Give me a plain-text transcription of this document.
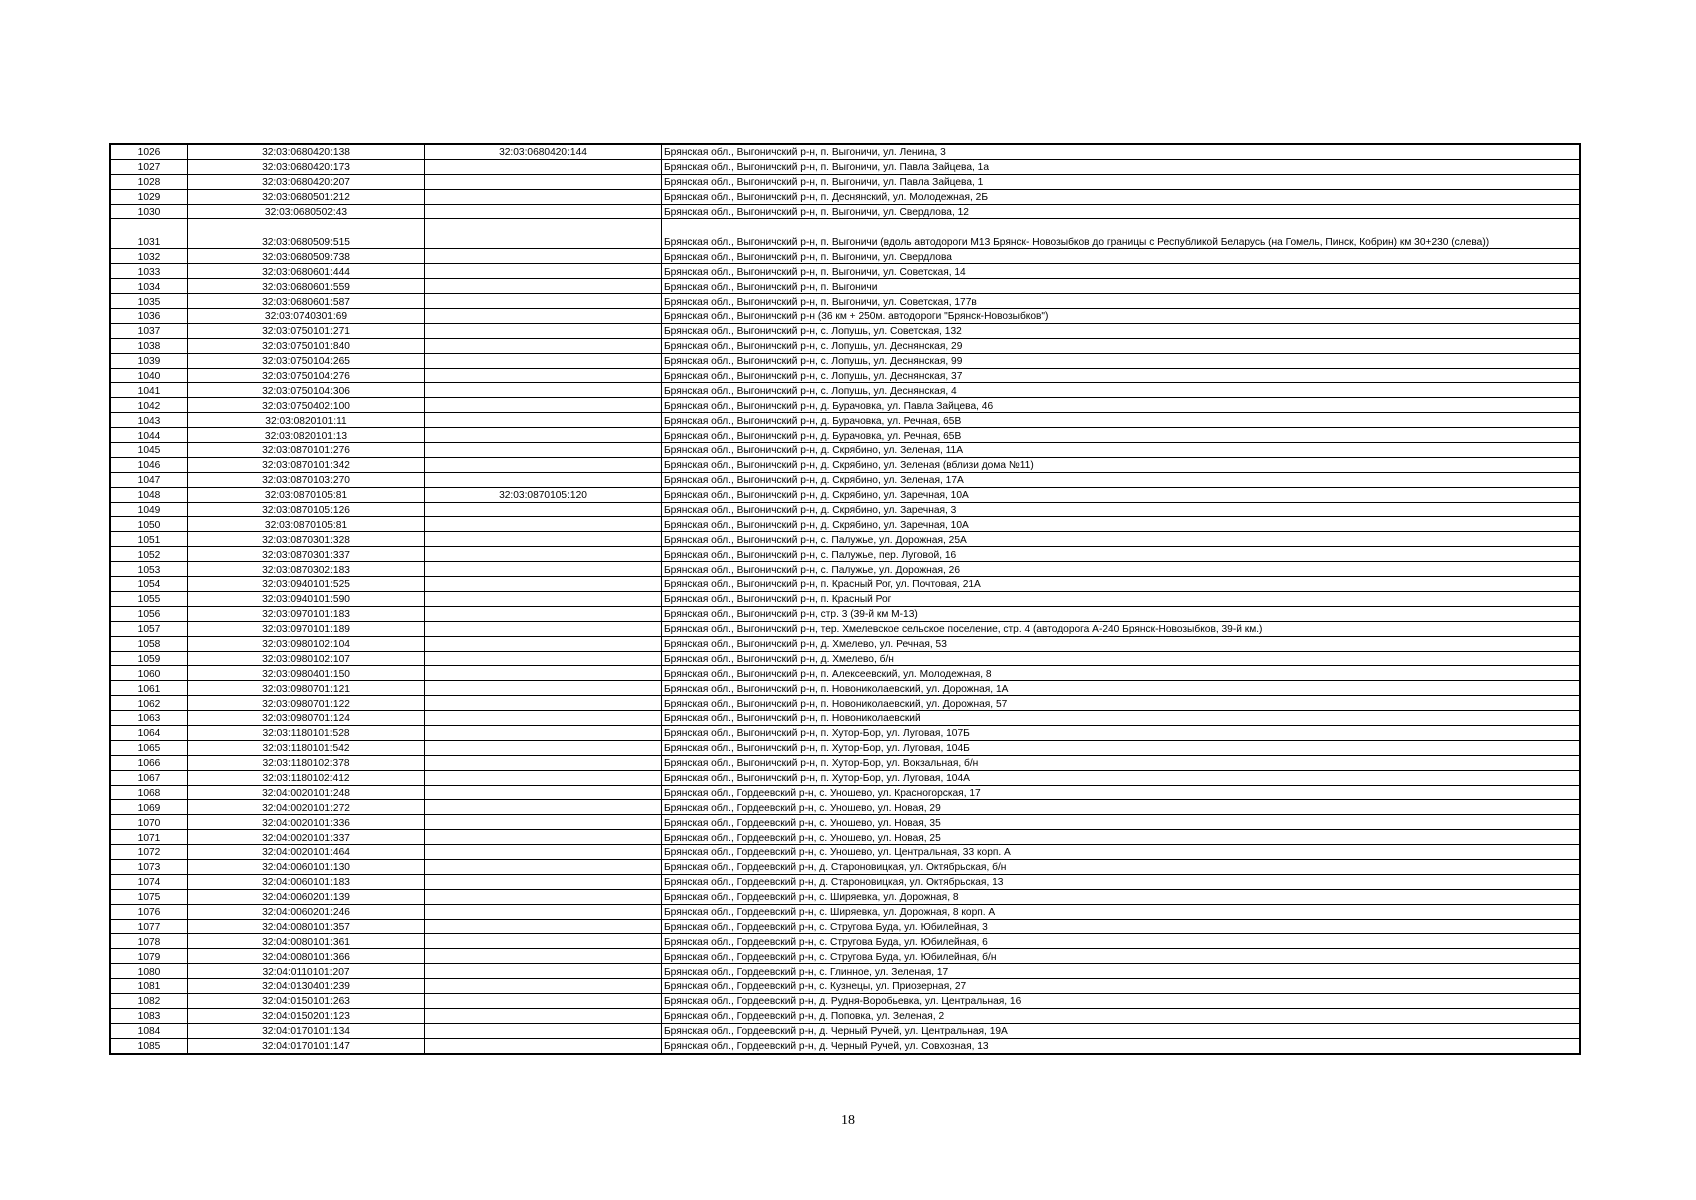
1026	32:03:0680420:138	32:03:0680420:144	Брянская обл., Выгоничский р-н, п. Выгоничи, ул. Ленина, 3
1027	32:03:0680420:173		Брянская обл., Выгоничский р-н, п. Выгоничи, ул. Павла Зайцева, 1а
1028	32:03:0680420:207		Брянская обл., Выгоничский р-н, п. Выгоничи, ул. Павла Зайцева, 1
1029	32:03:0680501:212		Брянская обл., Выгоничский р-н, п. Деснянский, ул. Молодежная, 2Б
1030	32:03:0680502:43		Брянская обл., Выгоничский р-н, п. Выгоничи, ул. Свердлова, 12
1031	32:03:0680509:515		Брянская обл., Выгоничский р-н, п. Выгоничи (вдоль автодороги М13 Брянск- Новозыбков до границы с Республикой Беларусь (на Гомель, Пинск, Кобрин) км 30+230 (слева))
1032	32:03:0680509:738		Брянская обл., Выгоничский р-н, п. Выгоничи, ул. Свердлова
1033	32:03:0680601:444		Брянская обл., Выгоничский р-н, п. Выгоничи, ул. Советская, 14
1034	32:03:0680601:559		Брянская обл., Выгоничский р-н, п. Выгоничи
1035	32:03:0680601:587		Брянская обл., Выгоничский р-н, п. Выгоничи, ул. Советская, 177в
1036	32:03:0740301:69		Брянская обл., Выгоничский р-н (36 км + 250м. автодороги "Брянск-Новозыбков")
1037	32:03:0750101:271		Брянская обл., Выгоничский р-н, с. Лопушь, ул. Советская, 132
1038	32:03:0750101:840		Брянская обл., Выгоничский р-н, с. Лопушь, ул. Деснянская, 29
1039	32:03:0750104:265		Брянская обл., Выгоничский р-н, с. Лопушь, ул. Деснянская, 99
1040	32:03:0750104:276		Брянская обл., Выгоничский р-н, с. Лопушь, ул. Деснянская, 37
1041	32:03:0750104:306		Брянская обл., Выгоничский р-н, с. Лопушь, ул. Деснянская, 4
1042	32:03:0750402:100		Брянская обл., Выгоничский р-н, д. Бурачовка, ул. Павла Зайцева, 46
1043	32:03:0820101:11		Брянская обл., Выгоничский р-н, д. Бурачовка, ул. Речная, 65В
1044	32:03:0820101:13		Брянская обл., Выгоничский р-н, д. Бурачовка, ул. Речная, 65В
1045	32:03:0870101:276		Брянская обл., Выгоничский р-н, д. Скрябино, ул. Зеленая, 11А
1046	32:03:0870101:342		Брянская обл., Выгоничский р-н, д. Скрябино, ул. Зеленая (вблизи дома №11)
1047	32:03:0870103:270		Брянская обл., Выгоничский р-н, д. Скрябино, ул. Зеленая, 17А
1048	32:03:0870105:81	32:03:0870105:120	Брянская обл., Выгоничский р-н, д. Скрябино, ул. Заречная, 10А
1049	32:03:0870105:126		Брянская обл., Выгоничский р-н, д. Скрябино, ул. Заречная, 3
1050	32:03:0870105:81		Брянская обл., Выгоничский р-н, д. Скрябино, ул. Заречная, 10А
1051	32:03:0870301:328		Брянская обл., Выгоничский р-н, с. Палужье, ул. Дорожная, 25А
1052	32:03:0870301:337		Брянская обл., Выгоничский р-н, с. Палужье, пер. Луговой, 16
1053	32:03:0870302:183		Брянская обл., Выгоничский р-н, с. Палужье, ул. Дорожная, 26
1054	32:03:0940101:525		Брянская обл., Выгоничский р-н, п. Красный Рог, ул. Почтовая, 21А
1055	32:03:0940101:590		Брянская обл., Выгоничский р-н, п. Красный Рог
1056	32:03:0970101:183		Брянская обл., Выгоничский р-н, стр. 3 (39-й км М-13)
1057	32:03:0970101:189		Брянская обл., Выгоничский р-н, тер. Хмелевское сельское поселение, стр. 4 (автодорога А-240 Брянск-Новозыбков, 39-й км.)
1058	32:03:0980102:104		Брянская обл., Выгоничский р-н, д. Хмелево, ул. Речная, 53
1059	32:03:0980102:107		Брянская обл., Выгоничский р-н, д. Хмелево, б/н
1060	32:03:0980401:150		Брянская обл., Выгоничский р-н, п. Алексеевский, ул. Молодежная, 8
1061	32:03:0980701:121		Брянская обл., Выгоничский р-н, п. Новониколаевский, ул. Дорожная, 1А
1062	32:03:0980701:122		Брянская обл., Выгоничский р-н, п. Новониколаевский, ул. Дорожная, 57
1063	32:03:0980701:124		Брянская обл., Выгоничский р-н, п. Новониколаевский
1064	32:03:1180101:528		Брянская обл., Выгоничский р-н, п. Хутор-Бор, ул. Луговая, 107Б
1065	32:03:1180101:542		Брянская обл., Выгоничский р-н, п. Хутор-Бор, ул. Луговая, 104Б
1066	32:03:1180102:378		Брянская обл., Выгоничский р-н, п. Хутор-Бор, ул. Вокзальная, б/н
1067	32:03:1180102:412		Брянская обл., Выгоничский р-н, п. Хутор-Бор, ул. Луговая, 104А
1068	32:04:0020101:248		Брянская обл., Гордеевский р-н, с. Уношево, ул. Красногорская, 17
1069	32:04:0020101:272		Брянская обл., Гордеевский р-н, с. Уношево, ул. Новая, 29
1070	32:04:0020101:336		Брянская обл., Гордеевский р-н, с. Уношево, ул. Новая, 35
1071	32:04:0020101:337		Брянская обл., Гордеевский р-н, с. Уношево, ул. Новая, 25
1072	32:04:0020101:464		Брянская обл., Гордеевский р-н, с. Уношево, ул. Центральная, 33 корп. А
1073	32:04:0060101:130		Брянская обл., Гордеевский р-н, д. Староновицкая, ул. Октябрьская, б/н
1074	32:04:0060101:183		Брянская обл., Гордеевский р-н, д. Староновицкая, ул. Октябрьская, 13
1075	32:04:0060201:139		Брянская обл., Гордеевский р-н, с. Ширяевка, ул. Дорожная, 8
1076	32:04:0060201:246		Брянская обл., Гордеевский р-н, с. Ширяевка, ул. Дорожная, 8 корп. А
1077	32:04:0080101:357		Брянская обл., Гордеевский р-н, с. Стругова Буда, ул. Юбилейная, 3
1078	32:04:0080101:361		Брянская обл., Гордеевский р-н, с. Стругова Буда, ул. Юбилейная, 6
1079	32:04:0080101:366		Брянская обл., Гордеевский р-н, с. Стругова Буда, ул. Юбилейная, б/н
1080	32:04:0110101:207		Брянская обл., Гордеевский р-н, с. Глинное, ул. Зеленая, 17
1081	32:04:0130401:239		Брянская обл., Гордеевский р-н, с. Кузнецы, ул. Приозерная, 27
1082	32:04:0150101:263		Брянская обл., Гордеевский р-н, д. Рудня-Воробьевка, ул. Центральная, 16
1083	32:04:0150201:123		Брянская обл., Гордеевский р-н, д. Поповка, ул. Зеленая, 2
1084	32:04:0170101:134		Брянская обл., Гордеевский р-н, д. Черный Ручей, ул. Центральная, 19А
1085	32:04:0170101:147		Брянская обл., Гордеевский р-н, д. Черный Ручей, ул. Совхозная, 13
18
